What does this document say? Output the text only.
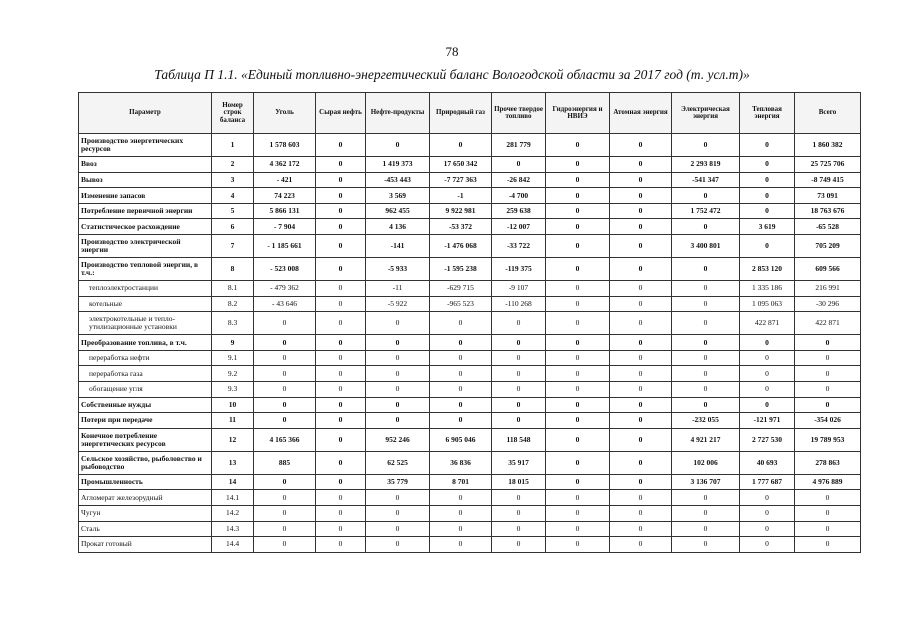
78
Таблица П 1.1. «Единый топливно-энергетический баланс Вологодской области за 2017 год (т. усл.т)»
Параметр	Номер строк баланса	Уголь	Сырая нефть	Нефте-продукты	Природный газ	Прочее твердое топливо	Гидроэнергия и НВИЭ	Атомная энергия	Электрическая энергия	Тепловая энергия	Всего
Производство энергетических ресурсов	1	1 578 603	0	0	0	281 779	0	0	0	0	1 860 382
Ввоз	2	4 362 172	0	1 419 373	17 650 342	0	0	0	2 293 819	0	25 725 706
Вывоз	3	- 421	0	-453 443	-7 727 363	-26 842	0	0	-541 347	0	-8 749 415
Изменение запасов	4	74 223	0	3 569	-1	-4 700	0	0	0	0	73 091
Потребление первичной энергии	5	5 866 131	0	962 455	9 922 981	259 638	0	0	1 752 472	0	18 763 676
Статистическое расхождение	6	- 7 904	0	4 136	-53 372	-12 007	0	0	0	3 619	-65 528
Производство электрической энергии	7	- 1 185 661	0	-141	-1 476 068	-33 722	0	0	3 400 801	0	705 209
Производство тепловой энергии, в т.ч.:	8	- 523 008	0	-5 933	-1 595 238	-119 375	0	0	0	2 853 120	609 566
теплоэлектростанции	8.1	- 479 362	0	-11	-629 715	-9 107	0	0	0	1 335 186	216 991
котельные	8.2	- 43 646	0	-5 922	-965 523	-110 268	0	0	0	1 095 063	-30 296
электрокотельные и тепло-утилизационные установки	8.3	0	0	0	0	0	0	0	0	422 871	422 871
Преобразование топлива, в т.ч.	9	0	0	0	0	0	0	0	0	0	0
переработка нефти	9.1	0	0	0	0	0	0	0	0	0	0
переработка газа	9.2	0	0	0	0	0	0	0	0	0	0
обогащение угля	9.3	0	0	0	0	0	0	0	0	0	0
Собственные нужды	10	0	0	0	0	0	0	0	0	0	0
Потери при передаче	11	0	0	0	0	0	0	0	-232 055	-121 971	-354 026
Конечное потребление энергетических ресурсов	12	4 165 366	0	952 246	6 905 046	118 548	0	0	4 921 217	2 727 530	19 789 953
Сельское хозяйство, рыболовство и рыбоводство	13	885	0	62 525	36 836	35 917	0	0	102 006	40 693	278 863
Промышленность	14	0	0	35 779	8 701	18 015	0	0	3 136 707	1 777 687	4 976 889
Агломерат железорудный	14.1	0	0	0	0	0	0	0	0	0	0
Чугун	14.2	0	0	0	0	0	0	0	0	0	0
Сталь	14.3	0	0	0	0	0	0	0	0	0	0
Прокат готовый	14.4	0	0	0	0	0	0	0	0	0	0
